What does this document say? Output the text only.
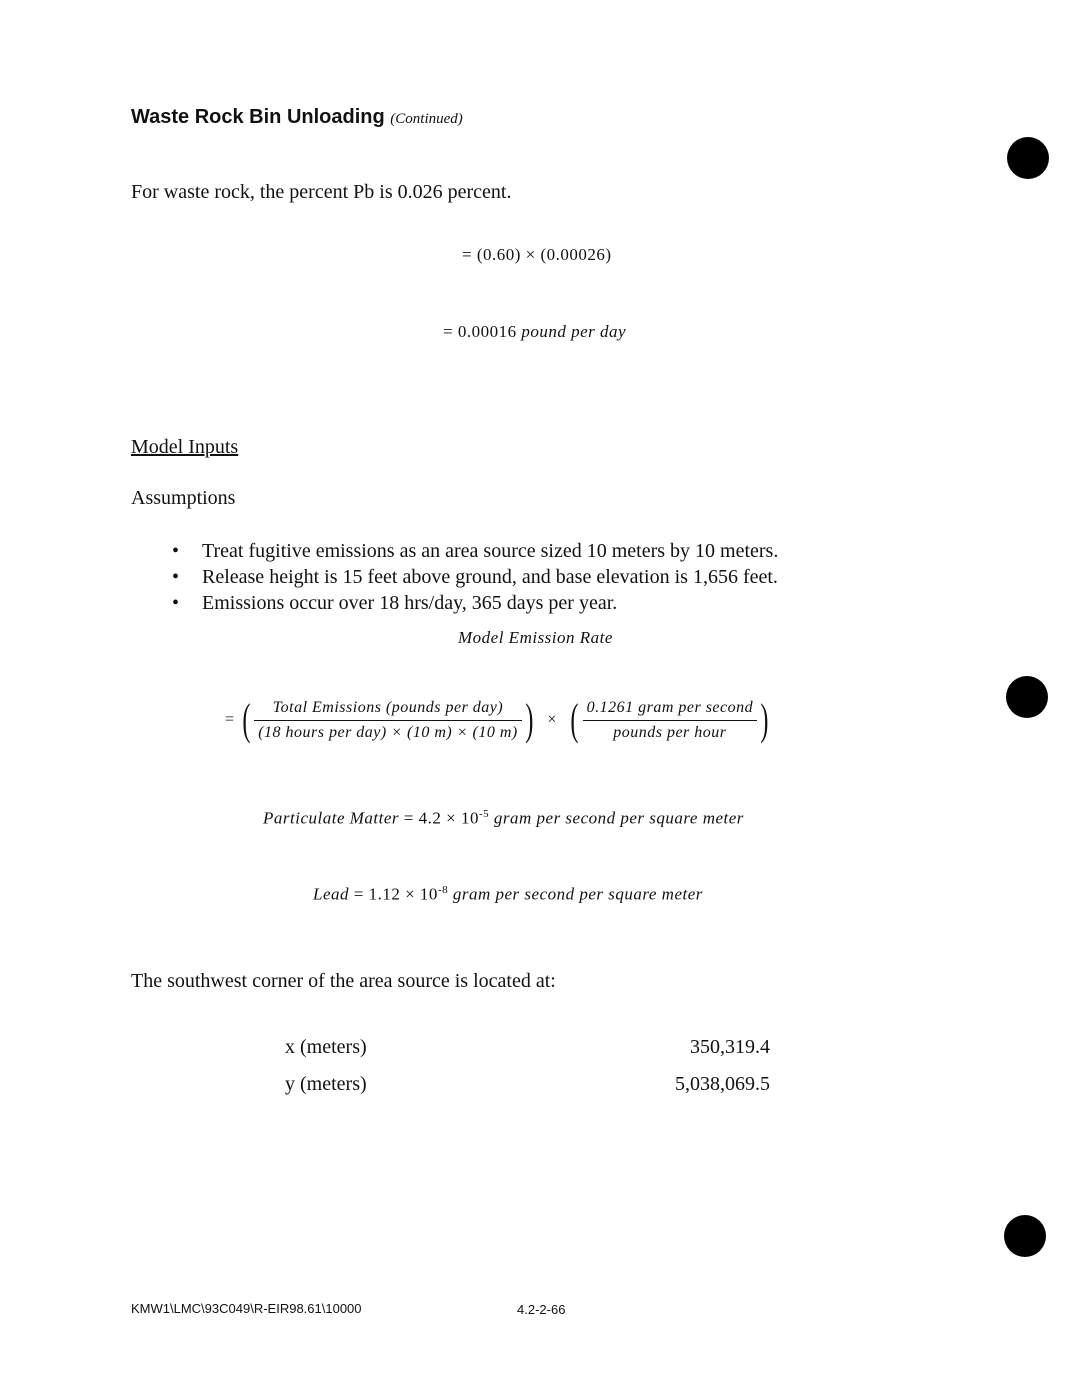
Waste Rock Bin Unloading (Continued)
For waste rock, the percent Pb is 0.026 percent.
= (0.60) × (0.00026)
= 0.00016 pound per day
Model Inputs
Assumptions
• Treat fugitive emissions as an area source sized 10 meters by 10 meters.
• Release height is 15 feet above ground, and base elevation is 1,656 feet.
• Emissions occur over 18 hrs/day, 365 days per year.
Model Emission Rate
= ( $\frac{\text{Total Emissions (pounds per day)}}{\text{(18 hours per day) × (10 m) × (10 m)}}$ ) × ( $\frac{\text{0.1261 gram per second}}{\text{pounds per hour}}$ )
Particulate Matter = $4.2 \times 10^{-5}$ gram per second per square meter
Lead = $1.12 \times 10^{-8}$ gram per second per square meter
The southwest corner of the area source is located at:
x (meters)	350,319.4
y (meters)	5,038,069.5
KMW1\LMC\93C049\R-EIR98.61\10000	4.2-2-66
